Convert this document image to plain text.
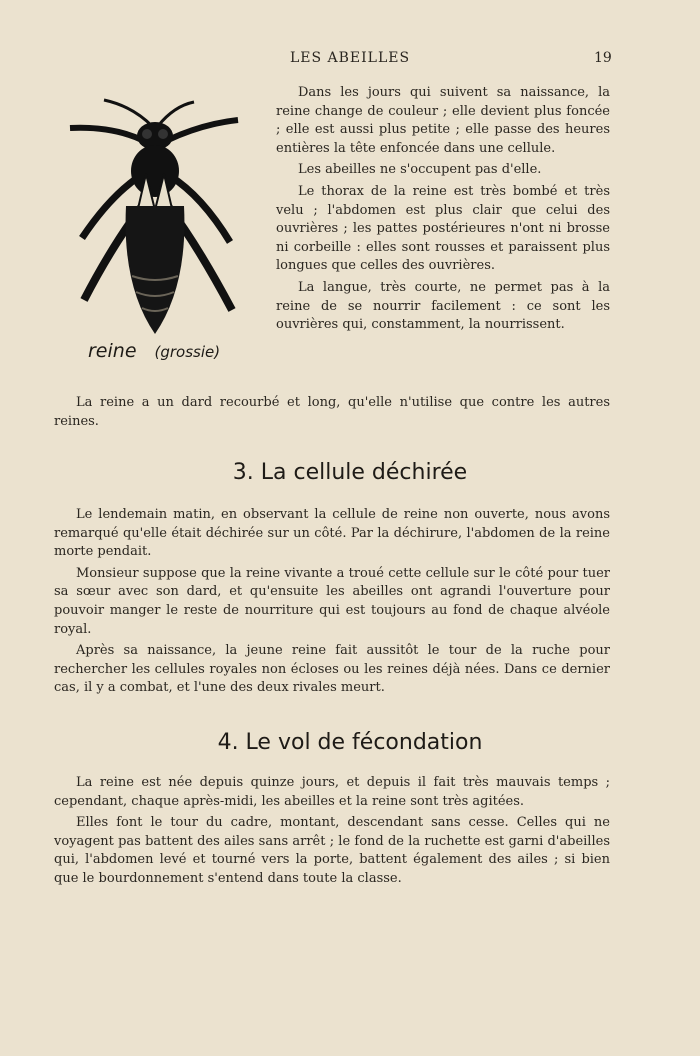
LES ABEILLES	19
reine (grossie)

Dans les jours qui suivent sa naissance, la reine change de couleur ; elle devient plus foncée ; elle est aussi plus petite ; elle passe des heures entières la tête enfoncée dans une cellule.

Les abeilles ne s'occupent pas d'elle.

Le thorax de la reine est très bombé et très velu ; l'abdomen est plus clair que celui des ouvrières ; les pattes postérieures n'ont ni brosse ni corbeille : elles sont rousses et paraissent plus longues que celles des ouvrières.

La langue, très courte, ne permet pas à la reine de se nourrir facilement : ce sont les ouvrières qui, constamment, la nourrissent.

La reine a un dard recourbé et long, qu'elle n'utilise que contre les autres reines.

3. La cellule déchirée

Le lendemain matin, en observant la cellule de reine non ouverte, nous avons remarqué qu'elle était déchirée sur un côté. Par la déchirure, l'abdomen de la reine morte pendait.

Monsieur suppose que la reine vivante a troué cette cellule sur le côté pour tuer sa sœur avec son dard, et qu'ensuite les abeilles ont agrandi l'ouverture pour pouvoir manger le reste de nourriture qui est toujours au fond de chaque alvéole royal.

Après sa naissance, la jeune reine fait aussitôt le tour de la ruche pour rechercher les cellules royales non écloses ou les reines déjà nées. Dans ce dernier cas, il y a combat, et l'une des deux rivales meurt.

4. Le vol de fécondation

La reine est née depuis quinze jours, et depuis il fait très mauvais temps ; cependant, chaque après-midi, les abeilles et la reine sont très agitées.

Elles font le tour du cadre, montant, descendant sans cesse. Celles qui ne voyagent pas battent des ailes sans arrêt ; le fond de la ruchette est garni d'abeilles qui, l'abdomen levé et tourné vers la porte, battent également des ailes ; si bien que le bourdonnement s'entend dans toute la classe.
